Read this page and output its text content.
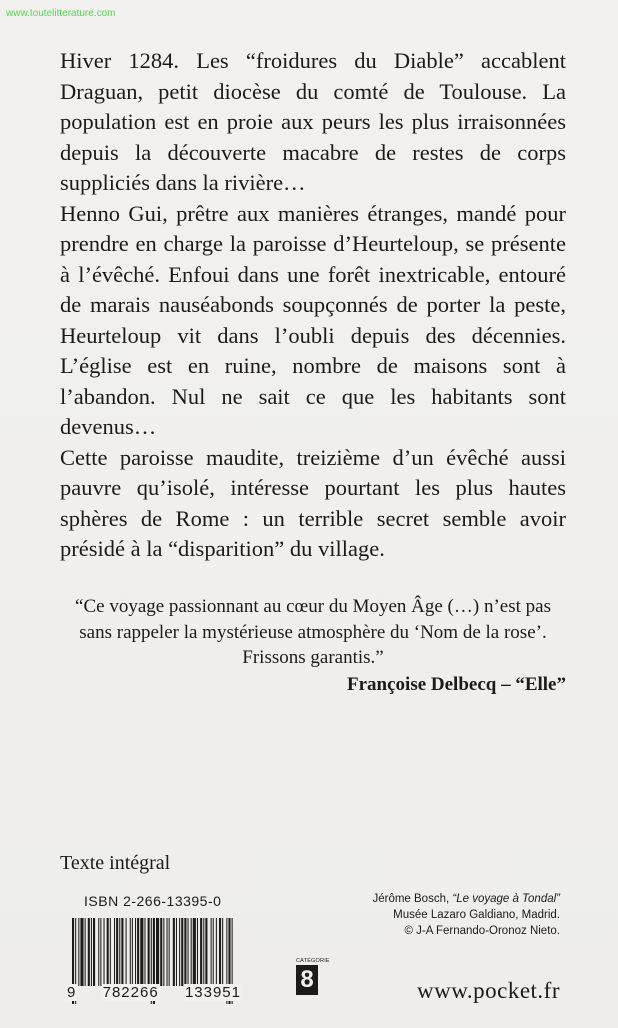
www.toutelitterature.com

Hiver 1284. Les “froidures du Diable” accablent Draguan, petit diocèse du comté de Toulouse. La population est en proie aux peurs les plus irraisonnées depuis la découverte macabre de restes de corps suppliciés dans la rivière…

Henno Gui, prêtre aux manières étranges, mandé pour prendre en charge la paroisse d’Heurteloup, se présente à l’évêché. Enfoui dans une forêt inextricable, entouré de marais nauséabonds soupçonnés de porter la peste, Heurteloup vit dans l’oubli depuis des décennies. L’église est en ruine, nombre de maisons sont à l’abandon. Nul ne sait ce que les habitants sont devenus…

Cette paroisse maudite, treizième d’un évêché aussi pauvre qu’isolé, intéresse pourtant les plus hautes sphères de Rome : un terrible secret semble avoir présidé à la “disparition” du village.

“Ce voyage passionnant au cœur du Moyen Âge (…) n’est pas sans rappeler la mystérieuse atmosphère du ‘Nom de la rose’. Frissons garantis.”

Françoise Delbecq – “Elle”

Texte intégral
ISBN 2-266-13395-0
9 782266 133951
CATÉGORIE
8

Jérôme Bosch, “Le voyage à Tondal”

Musée Lazaro Galdiano, Madrid.

© J-A Fernando-Oronoz Nieto.

www.pocket.fr
